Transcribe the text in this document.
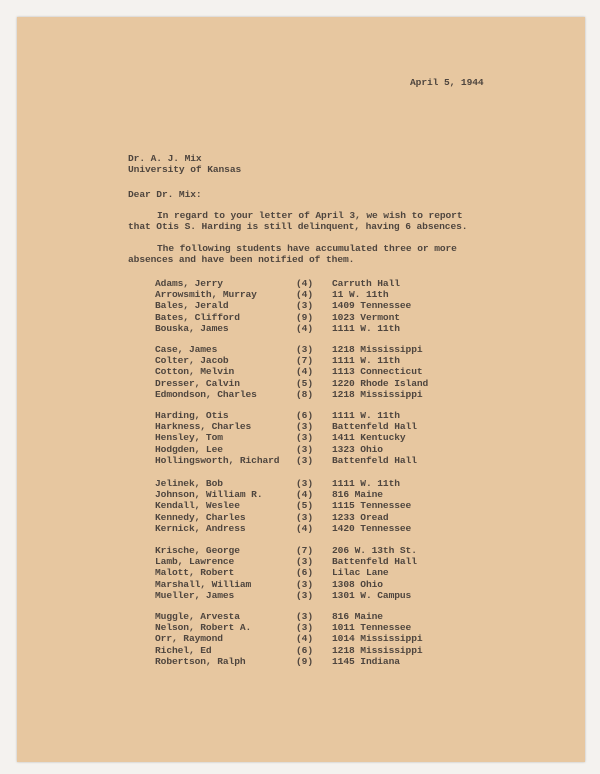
April 5, 1944
Dr. A. J. Mix
University of Kansas
Dear Dr. Mix:
In regard to your letter of April 3, we wish to report
that Otis S. Harding is still delinquent, having 6 absences.
The following students have accumulated three or more
absences and have been notified of them.
Adams, Jerry	(4) Carruth Hall
Arrowsmith, Murray	(4) 11 W. 11th
Bales, Jerald	(3) 1409 Tennessee
Bates, Clifford	(9) 1023 Vermont
Bouska, James	(4) 1111 W. 11th
Case, James	(3) 1218 Mississippi
Colter, Jacob	(7) 1111 W. 11th
Cotton, Melvin	(4) 1113 Connecticut
Dresser, Calvin	(5) 1220 Rhode Island
Edmondson, Charles	(8) 1218 Mississippi
Harding, Otis	(6) 1111 W. 11th
Harkness, Charles	(3) Battenfeld Hall
Hensley, Tom	(3) 1411 Kentucky
Hodgden, Lee	(3) 1323 Ohio
Hollingsworth, Richard (3) Battenfeld Hall
Jelinek, Bob	(3) 1111 W. 11th
Johnson, William R.	(4) 816 Maine
Kendall, Weslee	(5) 1115 Tennessee
Kennedy, Charles	(3) 1233 Oread
Kernick, Andress	(4) 1420 Tennessee
Krische, George	(7) 206 W. 13th St.
Lamb, Lawrence	(3) Battenfeld Hall
Malott, Robert	(6) Lilac Lane
Marshall, William	(3) 1308 Ohio
Mueller, James	(3) 1301 W. Campus
Muggle, Arvesta	(3) 816 Maine
Nelson, Robert A.	(3) 1011 Tennessee
Orr, Raymond	(4) 1014 Mississippi
Richel, Ed	(6) 1218 Mississippi
Robertson, Ralph	(9) 1145 Indiana
